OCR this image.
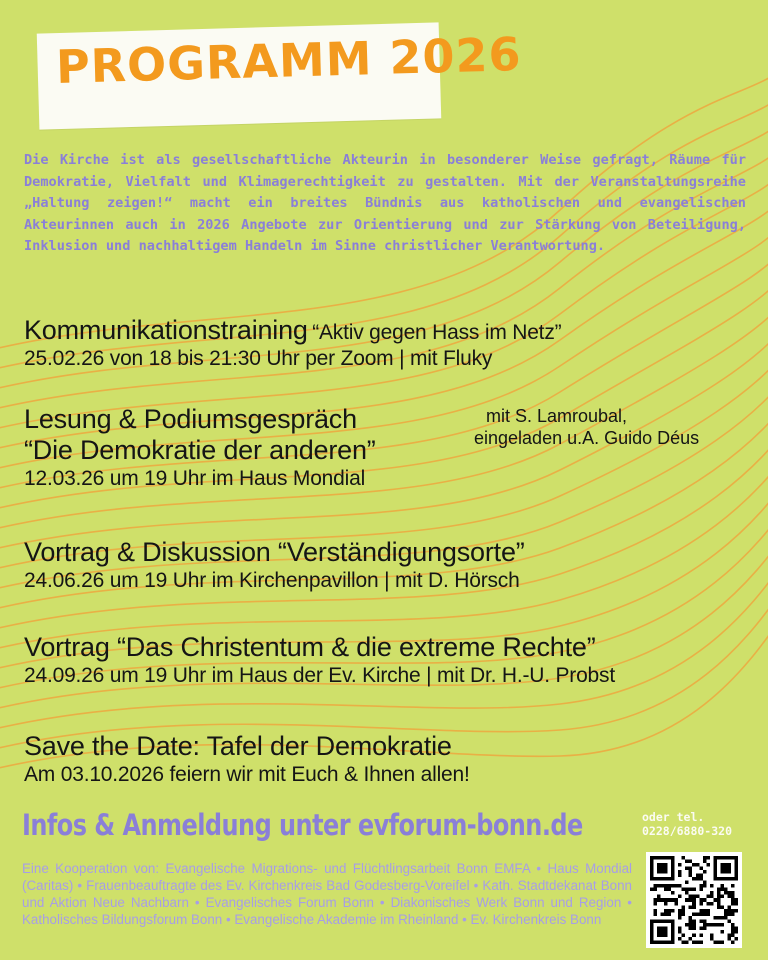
PROGRAMM 2026
Die Kirche ist als gesellschaftliche Akteurin in besonderer Weise gefragt, Räume für Demokratie, Vielfalt und Klimagerechtigkeit zu gestalten. Mit der Veranstaltungsreihe „Haltung zeigen!“ macht ein breites Bündnis aus katholischen und evangelischen Akteurinnen auch in 2026 Angebote zur Orientierung und zur Stärkung von Beteiligung, Inklusion und nachhaltigem Handeln im Sinne christlicher Verantwortung.
Kommunikationstraining “Aktiv gegen Hass im Netz”
25.02.26 von 18 bis 21:30 Uhr per Zoom | mit Fluky
Lesung & Podiumsgespräch
“Die Demokratie der anderen”
12.03.26 um 19 Uhr im Haus Mondial
mit S. Lamroubal,
eingeladen u.A. Guido Déus
Vortrag & Diskussion “Verständigungsorte”
24.06.26 um 19 Uhr im Kirchenpavillon | mit D. Hörsch
Vortrag “Das Christentum & die extreme Rechte”
24.09.26 um 19 Uhr im Haus der Ev. Kirche | mit Dr. H.-U. Probst
Save the Date: Tafel der Demokratie
Am 03.10.2026 feiern wir mit Euch & Ihnen allen!
Infos & Anmeldung unter evforum-bonn.de	oder tel.
0228/6880-320
Eine Kooperation von: Evangelische Migrations- und Flüchtlingsarbeit Bonn EMFA • Haus Mondial (Caritas) • Frauenbeauftragte des Ev. Kirchenkreis Bad Godesberg-Voreifel • Kath. Stadtdekanat Bonn und Aktion Neue Nachbarn • Evangelisches Forum Bonn • Diakonisches Werk Bonn und Region • Katholisches Bildungsforum Bonn • Evangelische Akademie im Rheinland • Ev. Kirchenkreis Bonn
